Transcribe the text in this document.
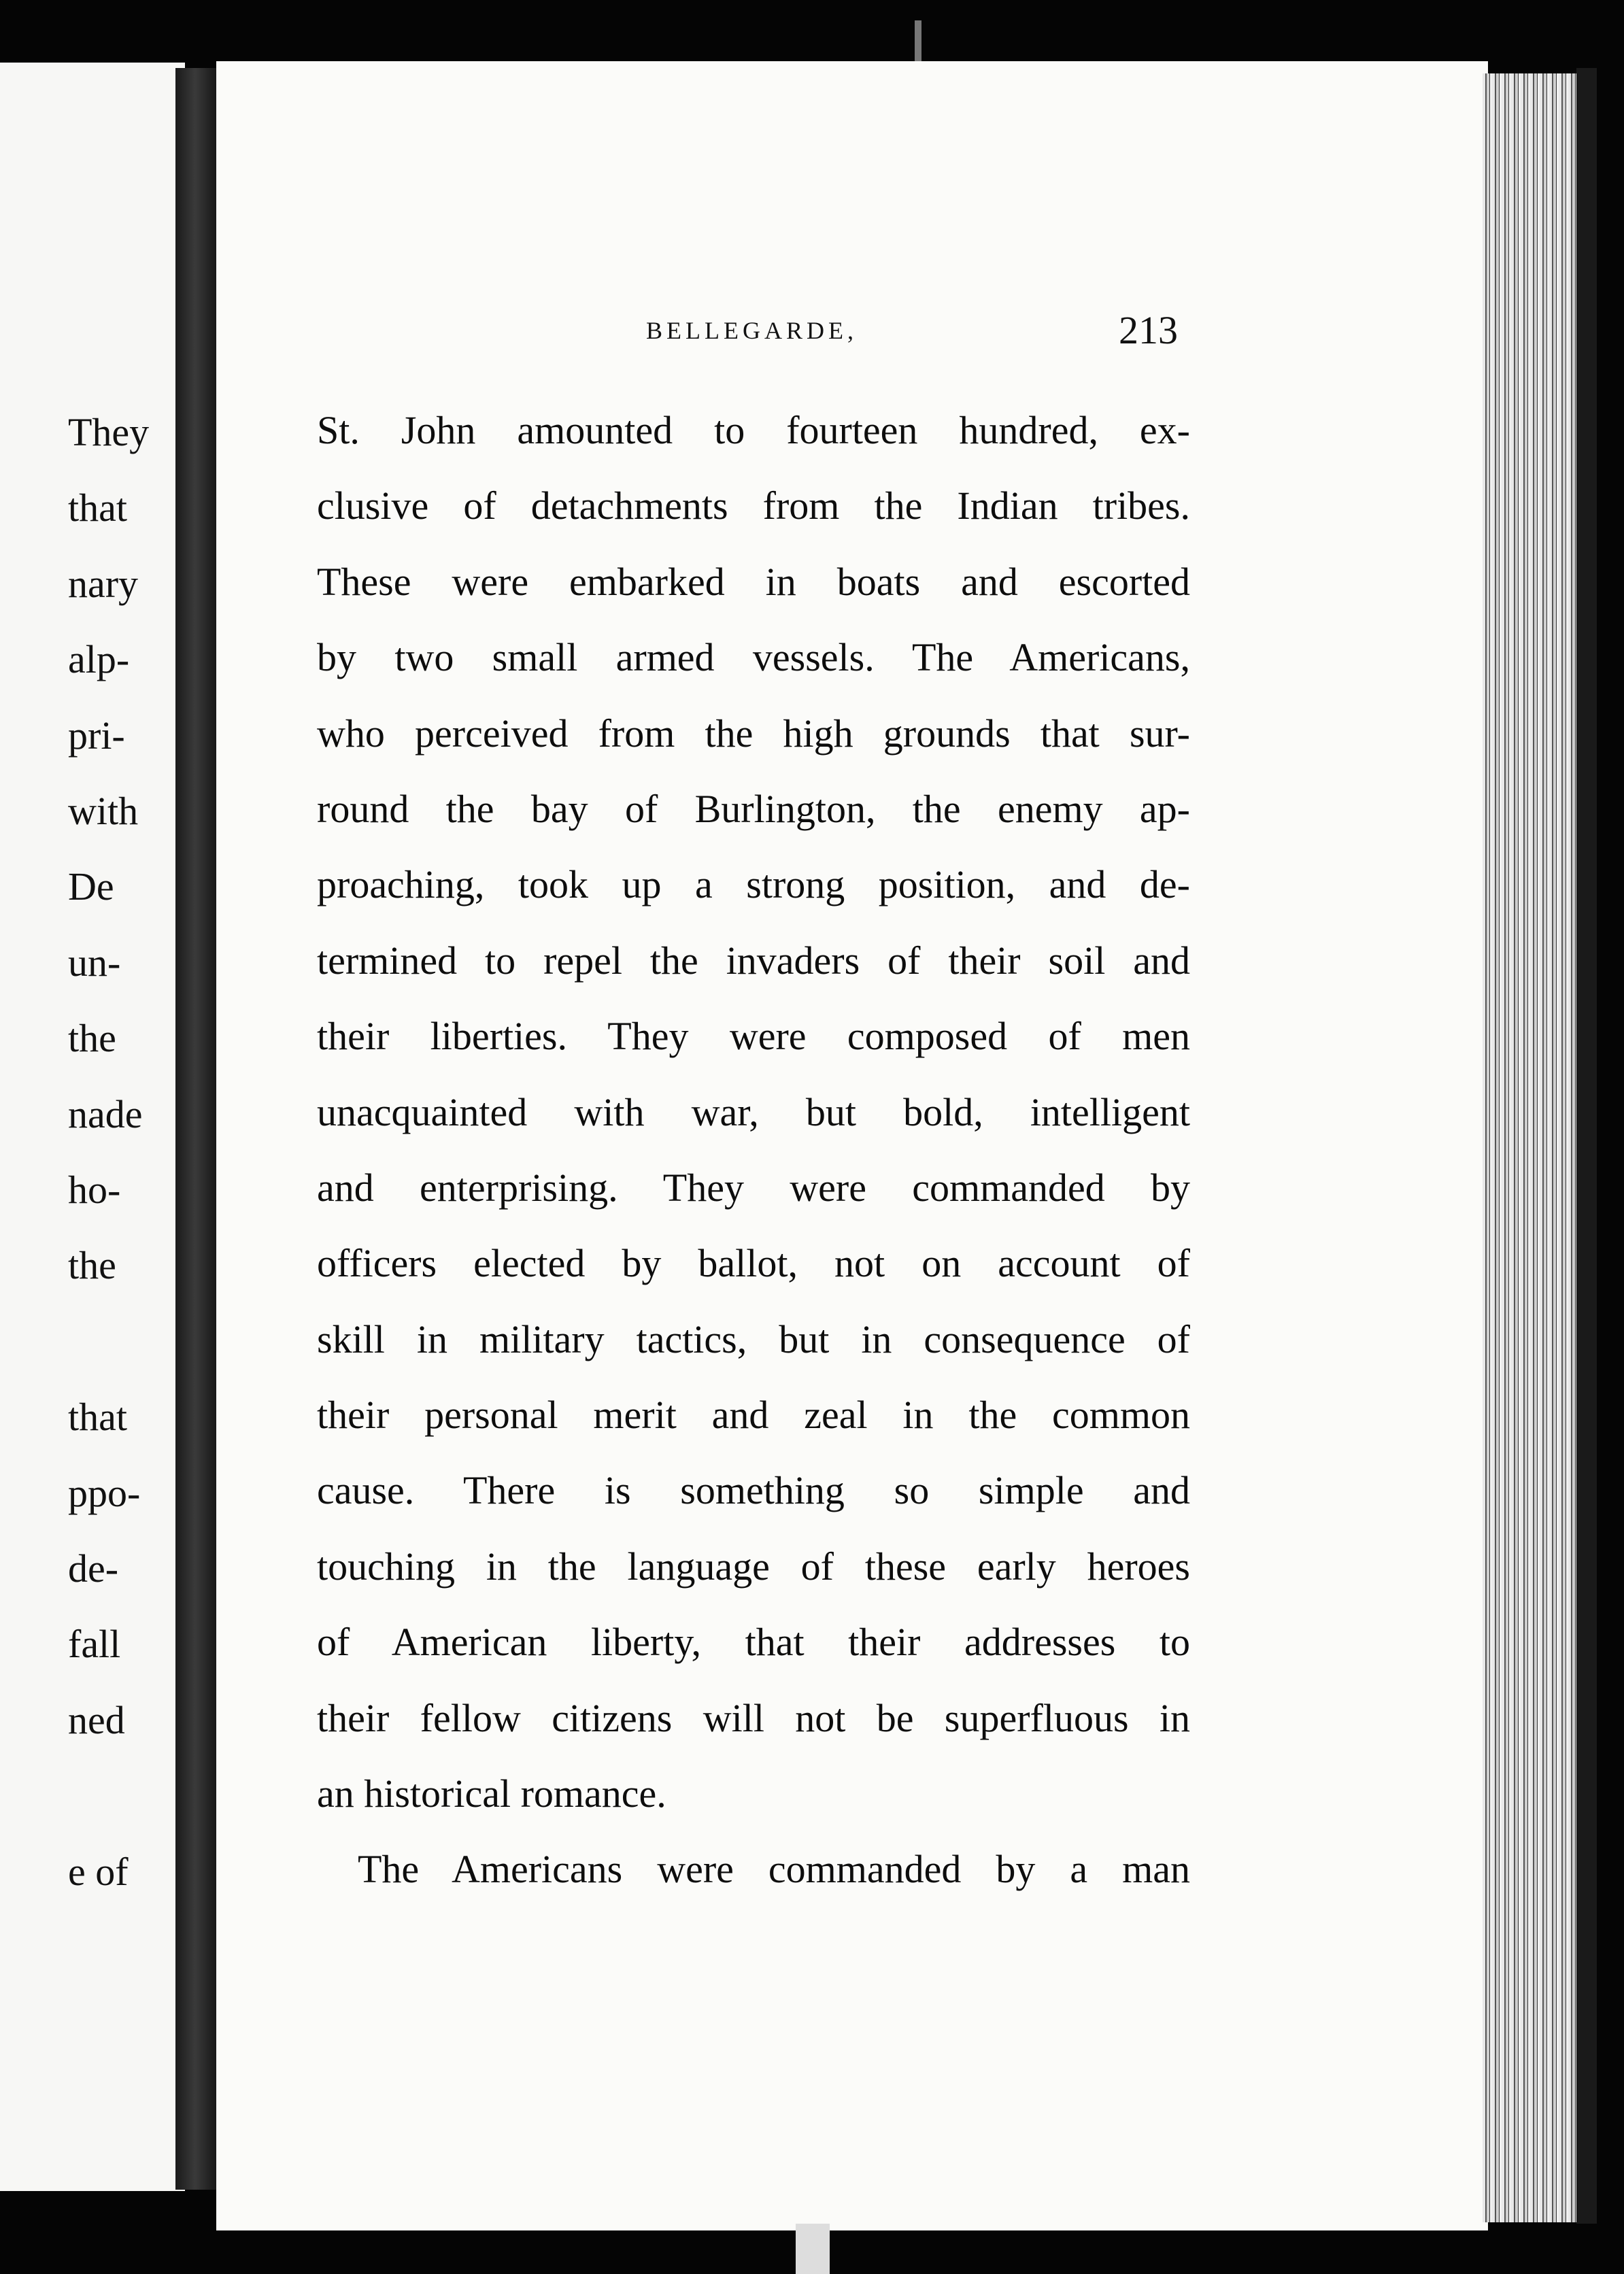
They
that
nary
alp-
pri-
with
De
un-
the
nade
ho-
the
that
ppo-
de-
fall
ned
e of
BELLEGARDE,	213
St. John amounted to fourteen hundred, ex-
clusive of detachments from the Indian tribes.
These were embarked in boats and escorted
by two small armed vessels. The Americans,
who perceived from the high grounds that sur-
round the bay of Burlington, the enemy ap-
proaching, took up a strong position, and de-
termined to repel the invaders of their soil and
their liberties. They were composed of men
unacquainted with war, but bold, intelligent
and enterprising. They were commanded by
officers elected by ballot, not on account of
skill in military tactics, but in consequence of
their personal merit and zeal in the common
cause. There is something so simple and
touching in the language of these early heroes
of American liberty, that their addresses to
their fellow citizens will not be superfluous in
an historical romance.
The Americans were commanded by a man
